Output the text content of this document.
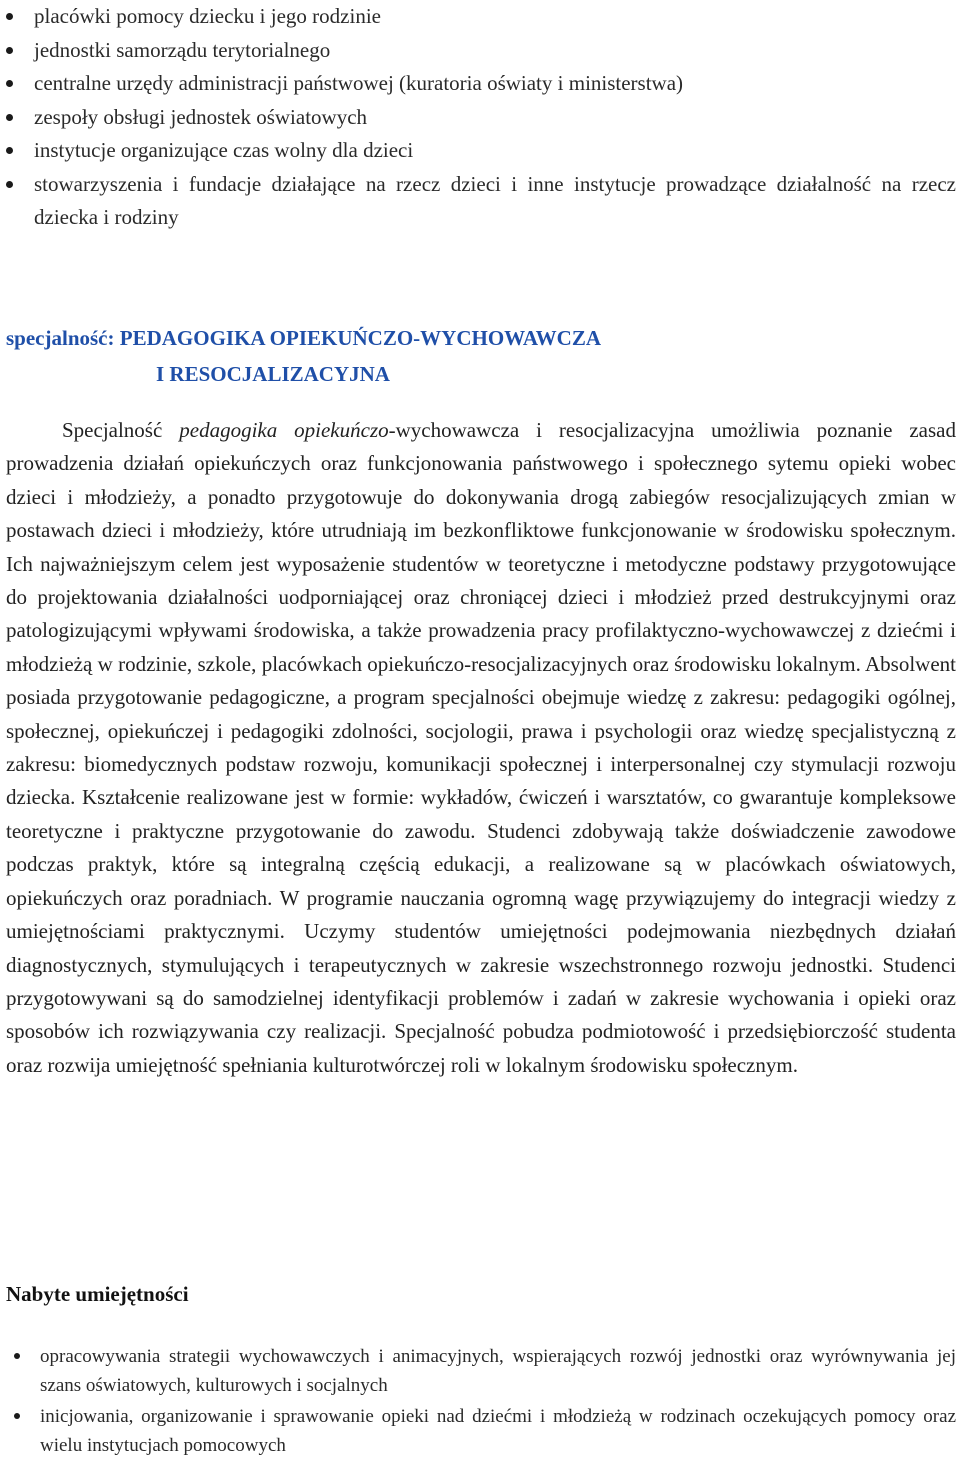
placówki pomocy dziecku i jego rodzinie
jednostki samorządu terytorialnego
centralne urzędy administracji państwowej (kuratoria oświaty i ministerstwa)
zespoły obsługi jednostek oświatowych
instytucje organizujące czas wolny dla dzieci
stowarzyszenia i fundacje działające na rzecz dzieci i inne instytucje prowadzące działalność na rzecz dziecka i rodziny
specjalność: PEDAGOGIKA OPIEKUŃCZO-WYCHOWAWCZA
I RESOCJALIZACYJNA

Specjalność pedagogika opiekuńczo-wychowawcza i resocjalizacyjna umożliwia poznanie zasad prowadzenia działań opiekuńczych oraz funkcjonowania państwowego i społecznego sytemu opieki wobec dzieci i młodzieży, a ponadto przygotowuje do dokonywania drogą zabiegów resocjalizujących zmian w postawach dzieci i młodzieży, które utrudniają im bezkonfliktowe funkcjonowanie w środowisku społecznym. Ich najważniejszym celem jest wyposażenie studentów w teoretyczne i metodyczne podstawy przygotowujące do projektowania działalności uodporniającej oraz chroniącej dzieci i młodzież przed destrukcyjnymi oraz patologizującymi wpływami środowiska, a także prowadzenia pracy profilaktyczno-wychowawczej z dziećmi i młodzieżą w rodzinie, szkole, placówkach opiekuńczo-resocjalizacyjnych oraz środowisku lokalnym. Absolwent posiada przygotowanie pedagogiczne, a program specjalności obejmuje wiedzę z zakresu: pedagogiki ogólnej, społecznej, opiekuńczej i pedagogiki zdolności, socjologii, prawa i psychologii oraz wiedzę specjalistyczną z zakresu: biomedycznych podstaw rozwoju, komunikacji społecznej i interpersonalnej czy stymulacji rozwoju dziecka. Kształcenie realizowane jest w formie: wykładów, ćwiczeń i warsztatów, co gwarantuje kompleksowe teoretyczne i praktyczne przygotowanie do zawodu. Studenci zdobywają także doświadczenie zawodowe podczas praktyk, które są integralną częścią edukacji, a realizowane są w placówkach oświatowych, opiekuńczych oraz poradniach. W programie nauczania ogromną wagę przywiązujemy do integracji wiedzy z umiejętnościami praktycznymi. Uczymy studentów umiejętności podejmowania niezbędnych działań diagnostycznych, stymulujących i terapeutycznych w zakresie wszechstronnego rozwoju jednostki. Studenci przygotowywani są do samodzielnej identyfikacji problemów i zadań w zakresie wychowania i opieki oraz sposobów ich rozwiązywania czy realizacji. Specjalność pobudza podmiotowość i przedsiębiorczość studenta oraz rozwija umiejętność spełniania kulturotwórczej roli w lokalnym środowisku społecznym.

Nabyte umiejętności
opracowywania strategii wychowawczych i animacyjnych, wspierających rozwój jednostki oraz wyrównywania jej szans oświatowych, kulturowych i socjalnych
inicjowania, organizowanie i sprawowanie opieki nad dziećmi i młodzieżą w rodzinach oczekujących pomocy oraz wielu instytucjach pomocowych
